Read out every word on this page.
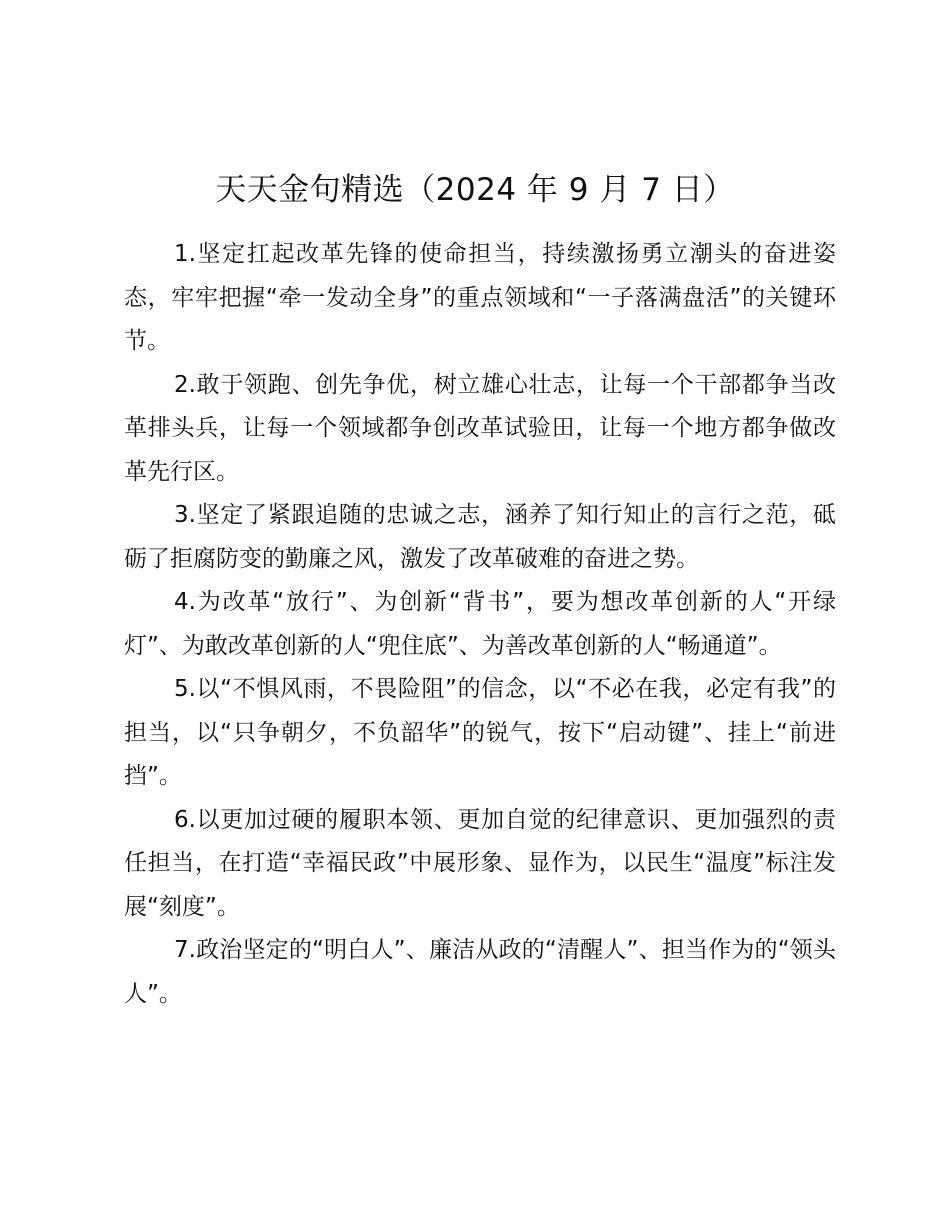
天天金句精选（2024 年 9 月 7 日）

1.坚定扛起改革先锋的使命担当，持续激扬勇立潮头的奋进姿态，牢牢把握“牵一发动全身”的重点领域和“一子落满盘活”的关键环节。

2.敢于领跑、创先争优，树立雄心壮志，让每一个干部都争当改革排头兵，让每一个领域都争创改革试验田，让每一个地方都争做改革先行区。

3.坚定了紧跟追随的忠诚之志，涵养了知行知止的言行之范，砥砺了拒腐防变的勤廉之风，激发了改革破难的奋进之势。

4.为改革“放行”、为创新“背书”，要为想改革创新的人“开绿灯”、为敢改革创新的人“兜住底”、为善改革创新的人“畅通道”。

5.以“不惧风雨，不畏险阻”的信念，以“不必在我，必定有我”的担当，以“只争朝夕，不负韶华”的锐气，按下“启动键”、挂上“前进挡”。

6.以更加过硬的履职本领、更加自觉的纪律意识、更加强烈的责任担当，在打造“幸福民政”中展形象、显作为，以民生“温度”标注发展“刻度”。

7.政治坚定的“明白人”、廉洁从政的“清醒人”、担当作为的“领头人”。
